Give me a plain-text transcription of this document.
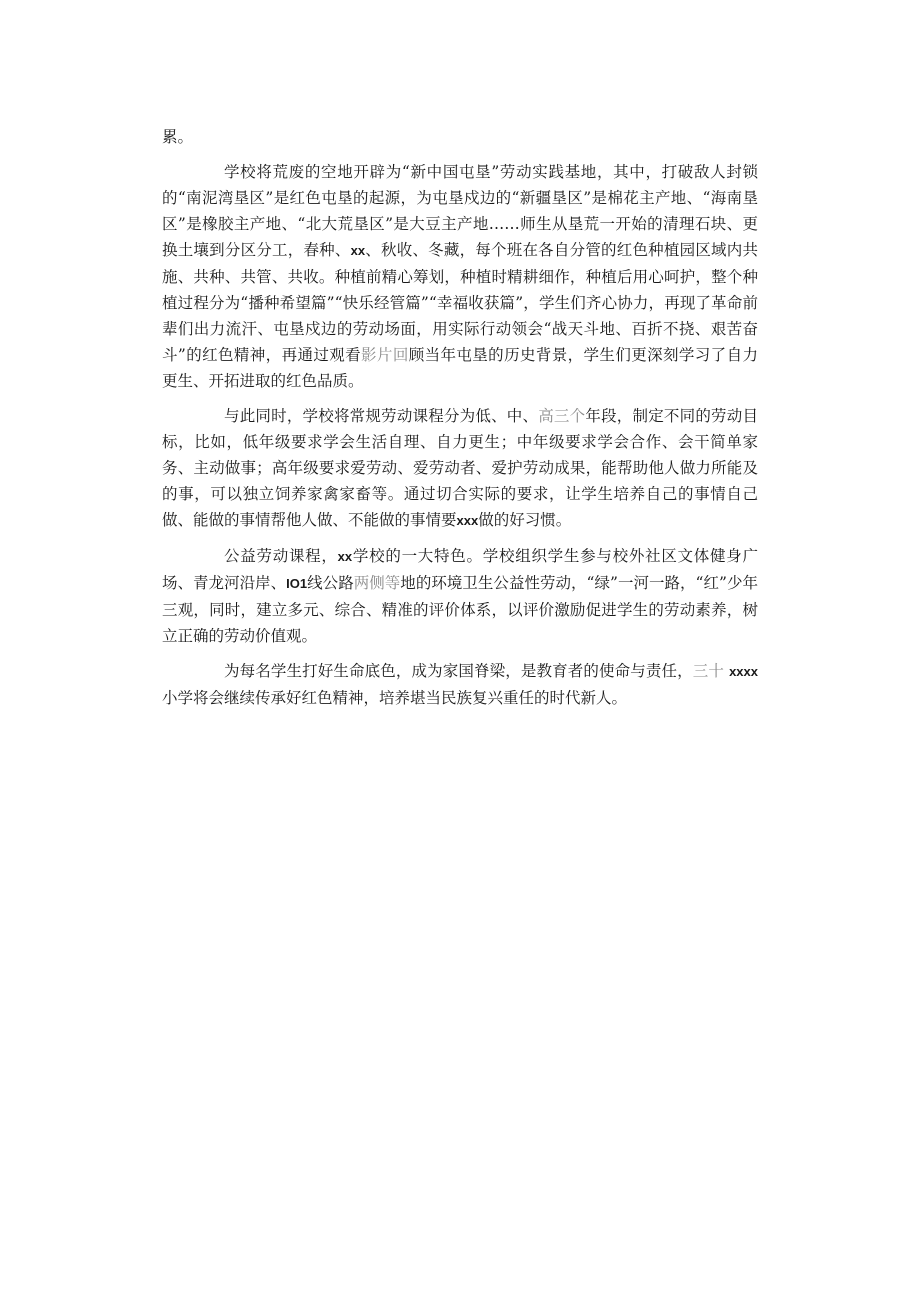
累。

学校将荒废的空地开辟为“新中国屯垦”劳动实践基地，其中，打破敌人封锁的“南泥湾垦区”是红色屯垦的起源，为屯垦戍边的“新疆垦区”是棉花主产地、“海南垦区”是橡胶主产地、“北大荒垦区”是大豆主产地……师生从垦荒一开始的清理石块、更换土壤到分区分工，春种、xx、秋收、冬藏，每个班在各自分管的红色种植园区域内共施、共种、共管、共收。种植前精心筹划，种植时精耕细作，种植后用心呵护，整个种植过程分为“播种希望篇”“快乐经管篇”“幸福收获篇”，学生们齐心协力，再现了革命前辈们出力流汗、屯垦戍边的劳动场面，用实际行动领会“战天斗地、百折不挠、艰苦奋斗”的红色精神，再通过观看影片回顾当年屯垦的历史背景，学生们更深刻学习了自力更生、开拓进取的红色品质。

与此同时，学校将常规劳动课程分为低、中、高三个年段，制定不同的劳动目标，比如，低年级要求学会生活自理、自力更生；中年级要求学会合作、会干简单家务、主动做事；高年级要求爱劳动、爱劳动者、爱护劳动成果，能帮助他人做力所能及的事，可以独立饲养家禽家畜等。通过切合实际的要求，让学生培养自己的事情自己做、能做的事情帮他人做、不能做的事情要xxx做的好习惯。

公益劳动课程，xx学校的一大特色。学校组织学生参与校外社区文体健身广场、青龙河沿岸、IO1线公路两侧等地的环境卫生公益性劳动，“绿”一河一路，“红”少年三观，同时，建立多元、综合、精准的评价体系，以评价激励促进学生的劳动素养，树立正确的劳动价值观。

为每名学生打好生命底色，成为家国脊梁，是教育者的使命与责任，三十 xxxx小学将会继续传承好红色精神，培养堪当民族复兴重任的时代新人。
